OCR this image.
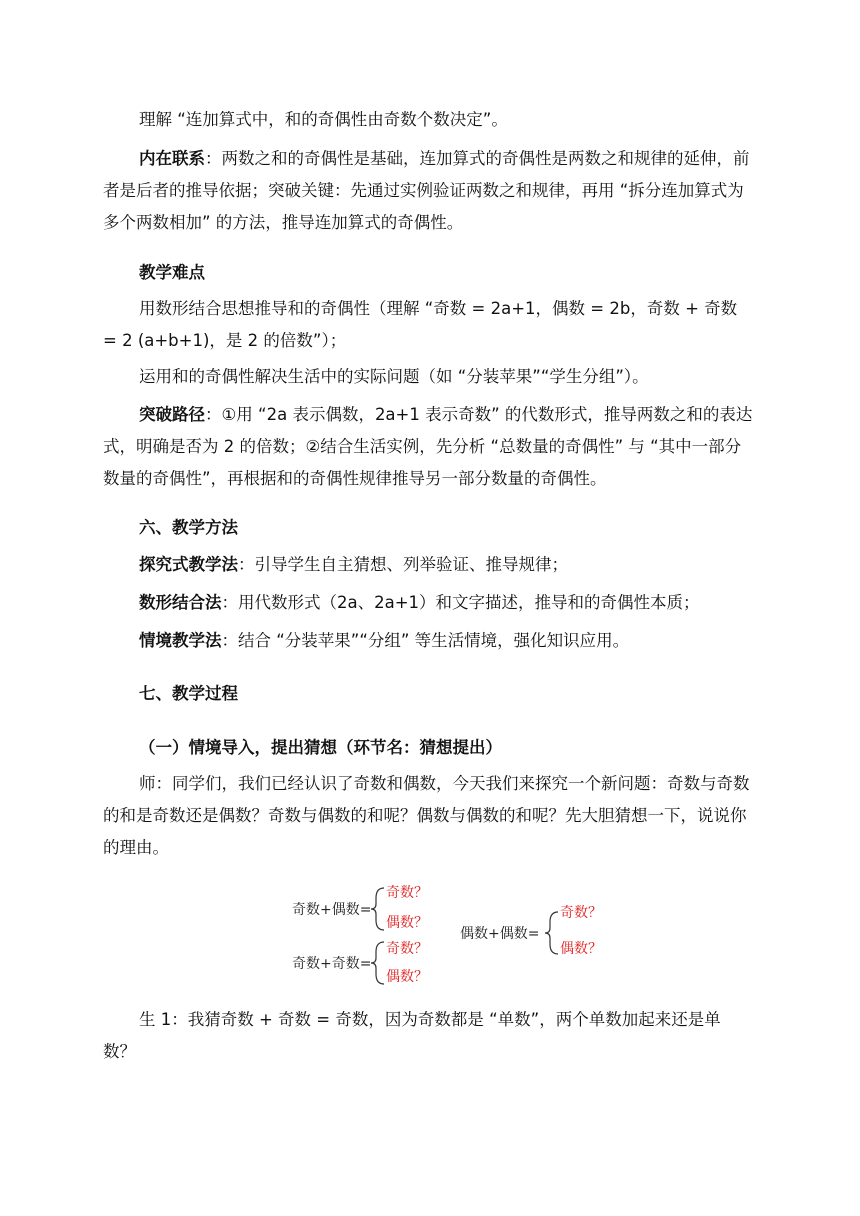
理解 “连加算式中，和的奇偶性由奇数个数决定”。

内在联系：两数之和的奇偶性是基础，连加算式的奇偶性是两数之和规律的延伸，前者是后者的推导依据；突破关键：先通过实例验证两数之和规律，再用 “拆分连加算式为多个两数相加” 的方法，推导连加算式的奇偶性。

教学难点

用数形结合思想推导和的奇偶性（理解 “奇数 = 2a+1，偶数 = 2b，奇数 + 奇数 = 2 (a+b+1)，是 2 的倍数”）；

运用和的奇偶性解决生活中的实际问题（如 “分装苹果”“学生分组”）。

突破路径：①用 “2a 表示偶数，2a+1 表示奇数” 的代数形式，推导两数之和的表达式，明确是否为 2 的倍数；②结合生活实例，先分析 “总数量的奇偶性” 与 “其中一部分数量的奇偶性”，再根据和的奇偶性规律推导另一部分数量的奇偶性。

六、教学方法

探究式教学法：引导学生自主猜想、列举验证、推导规律；

数形结合法：用代数形式（2a、2a+1）和文字描述，推导和的奇偶性本质；

情境教学法：结合 “分装苹果”“分组” 等生活情境，强化知识应用。

七、教学过程

（一）情境导入，提出猜想（环节名：猜想提出）

师：同学们，我们已经认识了奇数和偶数，今天我们来探究一个新问题：奇数与奇数的和是奇数还是偶数？奇数与偶数的和呢？偶数与偶数的和呢？先大胆猜想一下，说说你的理由。

奇数+偶数=
奇数？
偶数？
奇数+奇数=
奇数？
偶数？
偶数+偶数=
奇数？
偶数？

生 1：我猜奇数 + 奇数 = 奇数，因为奇数都是 “单数”，两个单数加起来还是单数？
